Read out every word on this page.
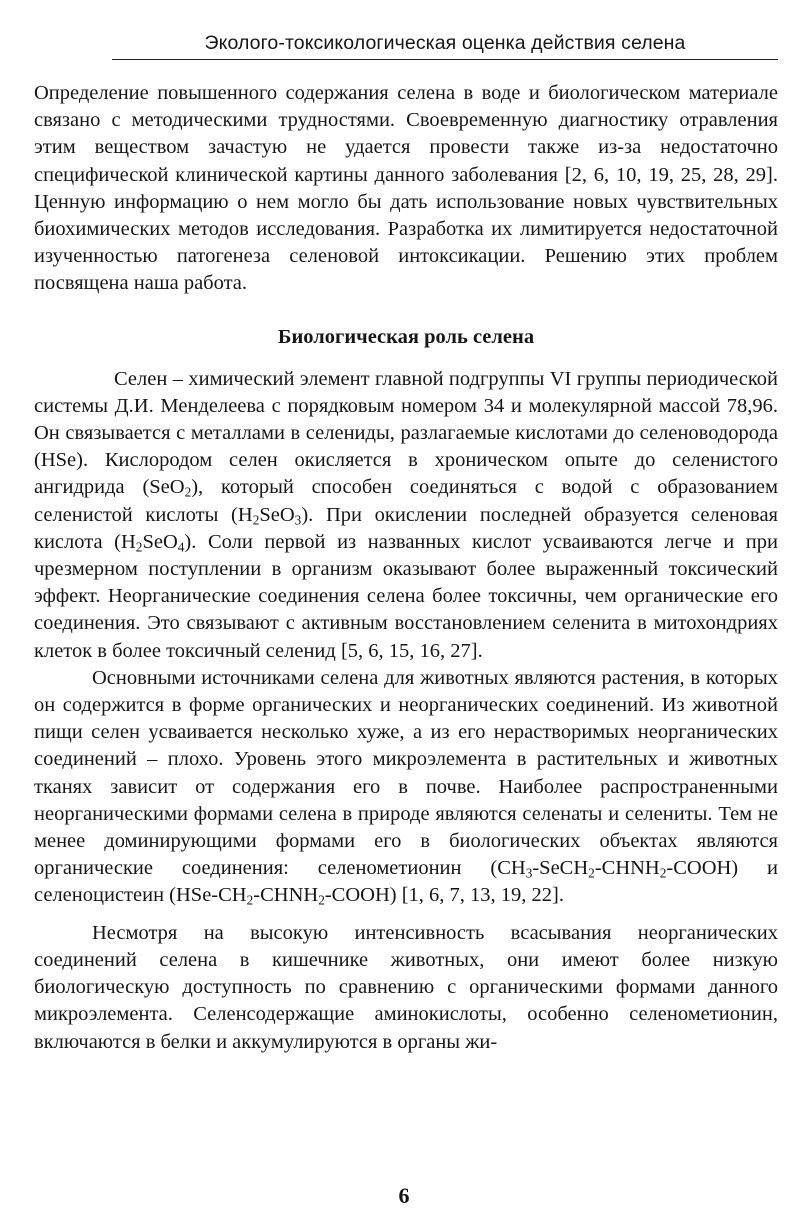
Эколого-токсикологическая оценка действия селена

Определение повышенного содержания селена в воде и биологическом материале связано с методическими трудностями. Своевременную диагностику отравления этим веществом зачастую не удается провести также из-за недостаточно специфической клинической картины данного заболевания [2, 6, 10, 19, 25, 28, 29]. Ценную информацию о нем могло бы дать использование новых чувствительных биохимических методов исследования. Разработка их лимитируется недостаточной изученностью патогенеза селеновой интоксикации. Решению этих проблем посвящена наша работа.

Биологическая роль селена

Селен – химический элемент главной подгруппы VI группы периодической системы Д.И. Менделеева с порядковым номером 34 и молекулярной массой 78,96. Он связывается с металлами в селениды, разлагаемые кислотами до селеноводорода (HSe). Кислородом селен окисляется в хроническом опыте до селенистого ангидрида (SeO$_2$), который способен соединяться с водой с образованием селенистой кислоты $(H_2SeO_3)$. При окислении последней образуется селеновая кислота $(H_2SeO_4)$. Соли первой из названных кислот усваиваются легче и при чрезмерном поступлении в организм оказывают более выраженный токсический эффект. Неорганические соединения селена более токсичны, чем органические его соединения. Это связывают с активным восстановлением селенита в митохондриях клеток в более токсичный селенид [5, 6, 15, 16, 27].

Основными источниками селена для животных являются растения, в которых он содержится в форме органических и неорганических соединений. Из животной пищи селен усваивается несколько хуже, а из его нерастворимых неорганических соединений – плохо. Уровень этого микроэлемента в растительных и животных тканях зависит от содержания его в почве. Наиболее распространенными неорганическими формами селена в природе являются селенаты и селениты. Тем не менее доминирующими формами его в биологических объектах являются органические соединения: селенометионин $(CH_3-SeCH_2-CHNH_2-COOH)$ и селеноцистеин $(HSe-CH_2-CHNH_2-COOH)$ [1, 6, 7, 13, 19, 22].

Несмотря на высокую интенсивность всасывания неорганических соединений селена в кишечнике животных, они имеют более низкую биологическую доступность по сравнению с органическими формами данного микроэлемента. Селенсодержащие аминокислоты, особенно селенометионин, включаются в белки и аккумулируются в органы жи-

6
